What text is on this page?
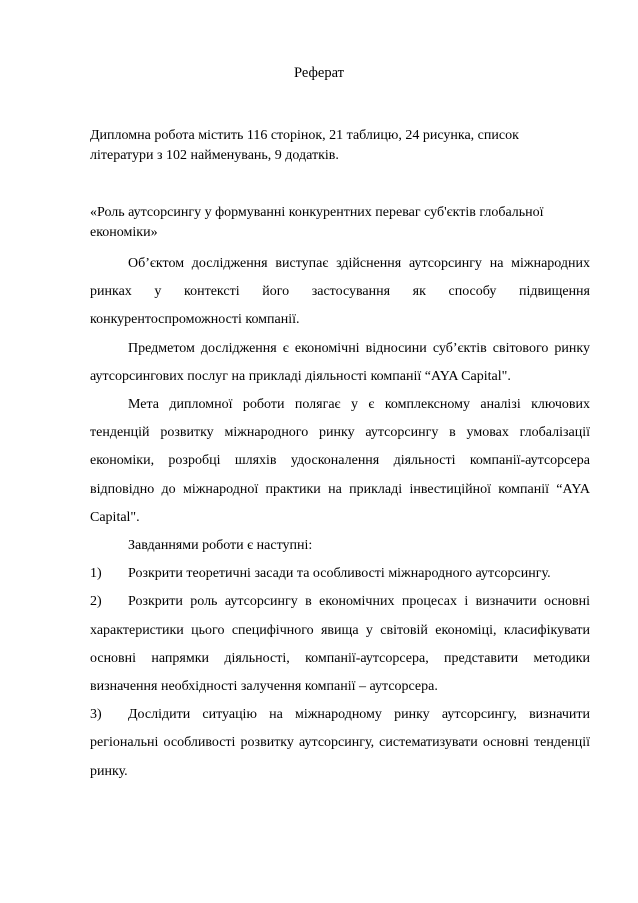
Реферат
Дипломна робота містить 116 сторінок, 21 таблицю, 24 рисунка, список літератури з 102 найменувань, 9 додатків.
«Роль аутсорсингу у формуванні конкурентних переваг суб'єктів глобальної економіки»

Об’єктом дослідження виступає здійснення аутсорсингу на міжнародних ринках у контексті його застосування як способу підвищення конкурентоспроможності компанії.

Предметом дослідження є економічні відносини суб’єктів світового ринку аутсорсингових послуг на прикладі діяльності компанії “AYA Capital".

Мета дипломної роботи полягає у є комплексному аналізі ключових тенденцій розвитку міжнародного ринку аутсорсингу в умовах глобалізації економіки, розробці шляхів удосконалення діяльності компанії-аутсорсера відповідно до міжнародної практики на прикладі інвестиційної компанії “AYA Capital".

Завданнями роботи є наступні:

1) Розкрити теоретичні засади та особливості міжнародного аутсорсингу.
2) Розкрити роль аутсорсингу в економічних процесах і визначити основні характеристики цього специфічного явища у світовій економіці, класифікувати основні напрямки діяльності, компанії-аутсорсера, представити методики визначення необхідності залучення компанії – аутсорсера.
3) Дослідити ситуацію на міжнародному ринку аутсорсингу, визначити регіональні особливості розвитку аутсорсингу, систематизувати основні тенденції ринку.
